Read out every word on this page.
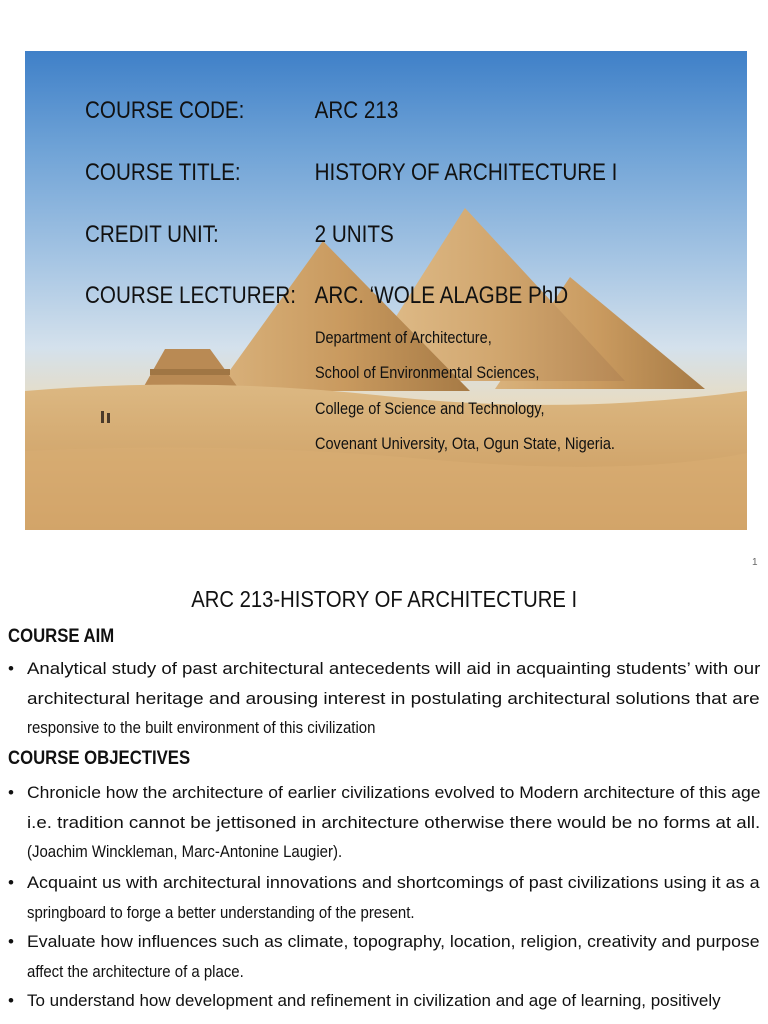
COURSE CODE:	ARC 213
COURSE TITLE:	HISTORY OF ARCHITECTURE I
CREDIT UNIT:	2 UNITS
COURSE LECTURER: ARC. ‘WOLE ALAGBE PhD
Department of Architecture,
School of Environmental Sciences,
College of Science and Technology,
Covenant University, Ota, Ogun State, Nigeria.
1
ARC 213-HISTORY OF ARCHITECTURE I
COURSE AIM
• Analytical study of past architectural antecedents will aid in acquainting students’ with our
architectural heritage and arousing interest in postulating architectural solutions that are
responsive to the built environment of this civilization
COURSE OBJECTIVES
• Chronicle how the architecture of earlier civilizations evolved to Modern architecture of this age
i.e. tradition cannot be jettisoned in architecture otherwise there would be no forms at all.
(Joachim Winckleman, Marc-Antonine Laugier).
• Acquaint us with architectural innovations and shortcomings of past civilizations using it as a
springboard to forge a better understanding of the present.
• Evaluate how influences such as climate, topography, location, religion, creativity and purpose
affect the architecture of a place.
• To understand how development and refinement in civilization and age of learning, positively
